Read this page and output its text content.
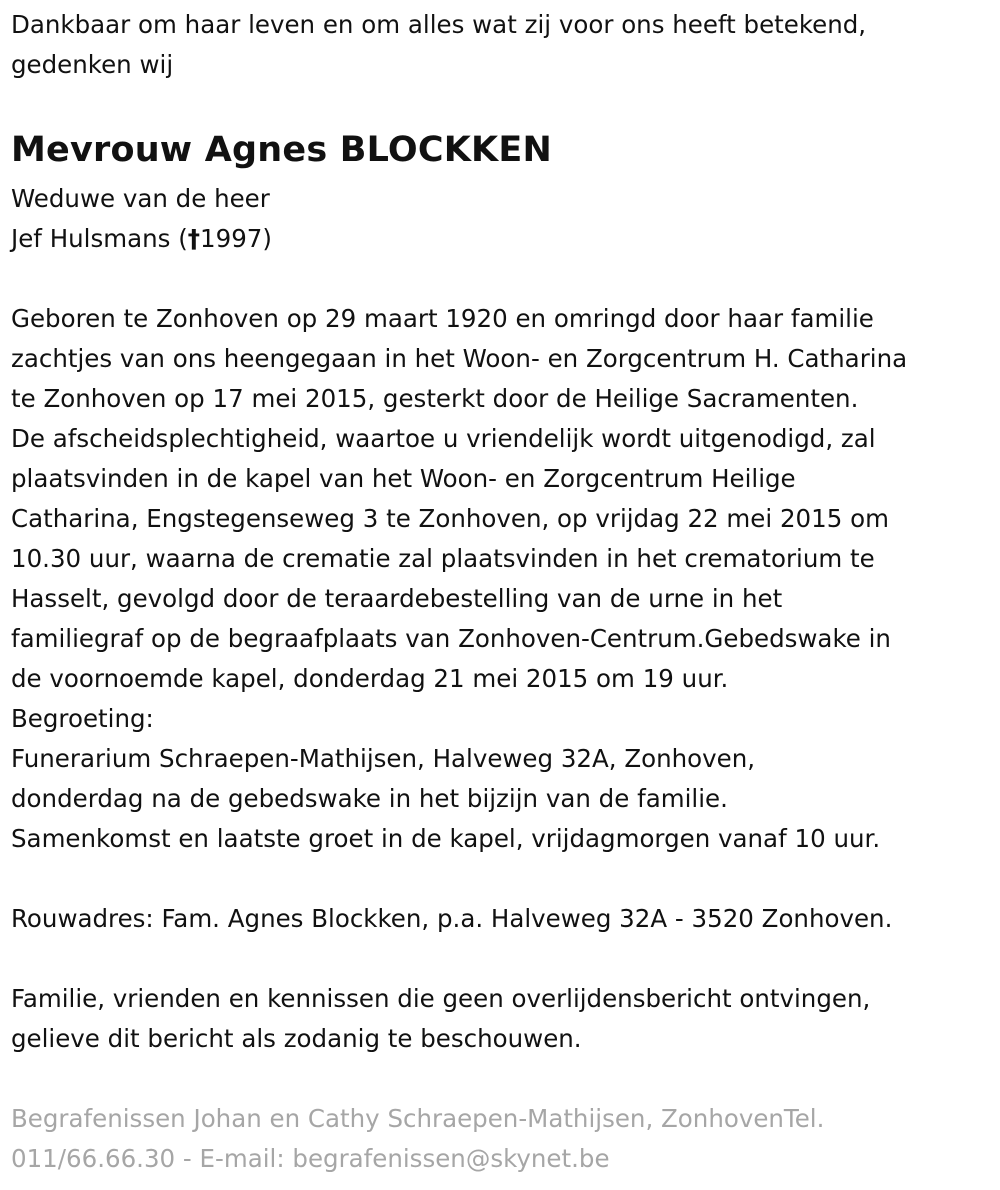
Dankbaar om haar leven en om alles wat zij voor ons heeft betekend,
gedenken wij
Mevrouw Agnes BLOCKKEN
Weduwe van de heer
Jef Hulsmans (†1997)
Geboren te Zonhoven op 29 maart 1920 en omringd door haar familie
zachtjes van ons heengegaan in het Woon- en Zorgcentrum H. Catharina
te Zonhoven op 17 mei 2015, gesterkt door de Heilige Sacramenten.
De afscheidsplechtigheid, waartoe u vriendelijk wordt uitgenodigd, zal
plaatsvinden in de kapel van het Woon- en Zorgcentrum Heilige
Catharina, Engstegenseweg 3 te Zonhoven, op vrijdag 22 mei 2015 om
10.30 uur, waarna de crematie zal plaatsvinden in het crematorium te
Hasselt, gevolgd door de teraardebestelling van de urne in het
familiegraf op de begraafplaats van Zonhoven-Centrum.Gebedswake in
de voornoemde kapel, donderdag 21 mei 2015 om 19 uur.
Begroeting:
Funerarium Schraepen-Mathijsen, Halveweg 32A, Zonhoven,
donderdag na de gebedswake in het bijzijn van de familie.
Samenkomst en laatste groet in de kapel, vrijdagmorgen vanaf 10 uur.
Rouwadres: Fam. Agnes Blockken, p.a. Halveweg 32A - 3520 Zonhoven.
Familie, vrienden en kennissen die geen overlijdensbericht ontvingen,
gelieve dit bericht als zodanig te beschouwen.
Begrafenissen Johan en Cathy Schraepen-Mathijsen, ZonhovenTel.
011/66.66.30 - E-mail: begrafenissen@skynet.be
